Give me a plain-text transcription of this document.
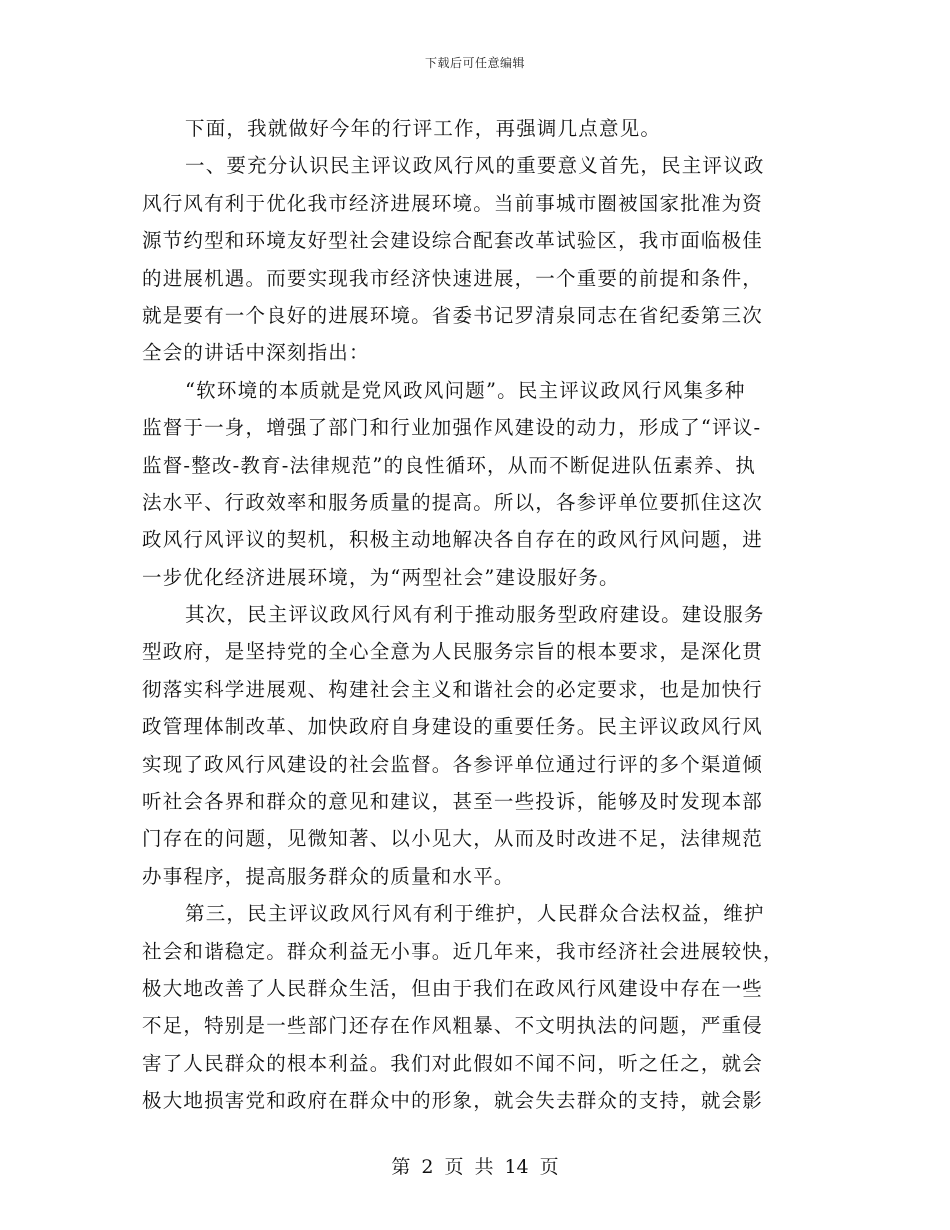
下载后可任意编辑
下面，我就做好今年的行评工作，再强调几点意见。
一、要充分认识民主评议政风行风的重要意义首先，民主评议政
风行风有利于优化我市经济进展环境。当前事城市圈被国家批准为资
源节约型和环境友好型社会建设综合配套改革试验区，我市面临极佳
的进展机遇。而要实现我市经济快速进展，一个重要的前提和条件，
就是要有一个良好的进展环境。省委书记罗清泉同志在省纪委第三次
全会的讲话中深刻指出：
“软环境的本质就是党风政风问题”。民主评议政风行风集多种
监督于一身，增强了部门和行业加强作风建设的动力，形成了“评议-
监督-整改-教育-法律规范”的良性循环，从而不断促进队伍素养、执
法水平、行政效率和服务质量的提高。所以，各参评单位要抓住这次
政风行风评议的契机，积极主动地解决各自存在的政风行风问题，进
一步优化经济进展环境，为“两型社会”建设服好务。
其次，民主评议政风行风有利于推动服务型政府建设。建设服务
型政府，是坚持党的全心全意为人民服务宗旨的根本要求，是深化贯
彻落实科学进展观、构建社会主义和谐社会的必定要求，也是加快行
政管理体制改革、加快政府自身建设的重要任务。民主评议政风行风
实现了政风行风建设的社会监督。各参评单位通过行评的多个渠道倾
听社会各界和群众的意见和建议，甚至一些投诉，能够及时发现本部
门存在的问题，见微知著、以小见大，从而及时改进不足，法律规范
办事程序，提高服务群众的质量和水平。
第三，民主评议政风行风有利于维护，人民群众合法权益，维护
社会和谐稳定。群众利益无小事。近几年来，我市经济社会进展较快，
极大地改善了人民群众生活，但由于我们在政风行风建设中存在一些
不足，特别是一些部门还存在作风粗暴、不文明执法的问题，严重侵
害了人民群众的根本利益。我们对此假如不闻不问，听之任之，就会
极大地损害党和政府在群众中的形象，就会失去群众的支持，就会影
第 2 页 共 14 页
